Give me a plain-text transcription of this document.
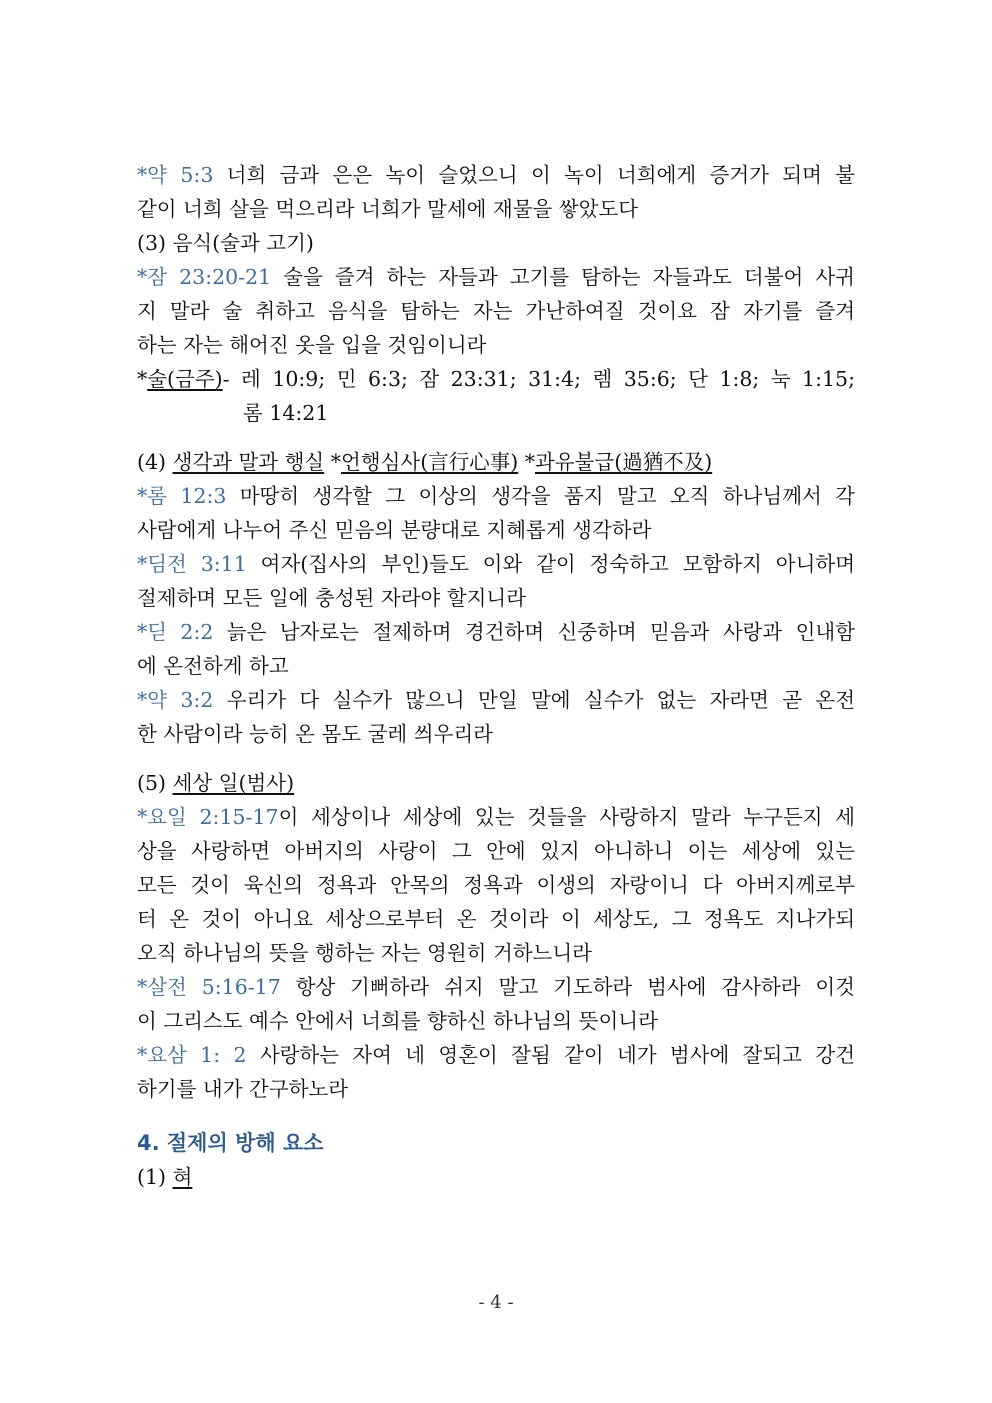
*약 5:3 너희 금과 은은 녹이 슬었으니 이 녹이 너희에게 증거가 되며 불
같이 너희 살을 먹으리라 너희가 말세에 재물을 쌓았도다
(3) 음식(술과 고기)
*잠 23:20-21 술을 즐겨 하는 자들과 고기를 탐하는 자들과도 더불어 사귀
지 말라 술 취하고 음식을 탐하는 자는 가난하여질 것이요 잠 자기를 즐겨
하는 자는 해어진 옷을 입을 것임이니라
*술(금주)- 레 10:9; 민 6:3; 잠 23:31; 31:4; 렘 35:6; 단 1:8; 눅 1:15;
롬 14:21
(4) 생각과 말과 행실 *언행심사(言行心事) *과유불급(過猶不及)
*롬 12:3 마땅히 생각할 그 이상의 생각을 품지 말고 오직 하나님께서 각
사람에게 나누어 주신 믿음의 분량대로 지혜롭게 생각하라
*딤전 3:11 여자(집사의 부인)들도 이와 같이 정숙하고 모함하지 아니하며
절제하며 모든 일에 충성된 자라야 할지니라
*딛 2:2 늙은 남자로는 절제하며 경건하며 신중하며 믿음과 사랑과 인내함
에 온전하게 하고
*약 3:2 우리가 다 실수가 많으니 만일 말에 실수가 없는 자라면 곧 온전
한 사람이라 능히 온 몸도 굴레 씌우리라
(5) 세상 일(범사)
*요일 2:15-17이 세상이나 세상에 있는 것들을 사랑하지 말라 누구든지 세
상을 사랑하면 아버지의 사랑이 그 안에 있지 아니하니 이는 세상에 있는
모든 것이 육신의 정욕과 안목의 정욕과 이생의 자랑이니 다 아버지께로부
터 온 것이 아니요 세상으로부터 온 것이라 이 세상도, 그 정욕도 지나가되
오직 하나님의 뜻을 행하는 자는 영원히 거하느니라
*살전 5:16-17 항상 기뻐하라 쉬지 말고 기도하라 범사에 감사하라 이것
이 그리스도 예수 안에서 너희를 향하신 하나님의 뜻이니라
*요삼 1: 2 사랑하는 자여 네 영혼이 잘됨 같이 네가 범사에 잘되고 강건
하기를 내가 간구하노라
4. 절제의 방해 요소
(1) 혀
- 4 -
